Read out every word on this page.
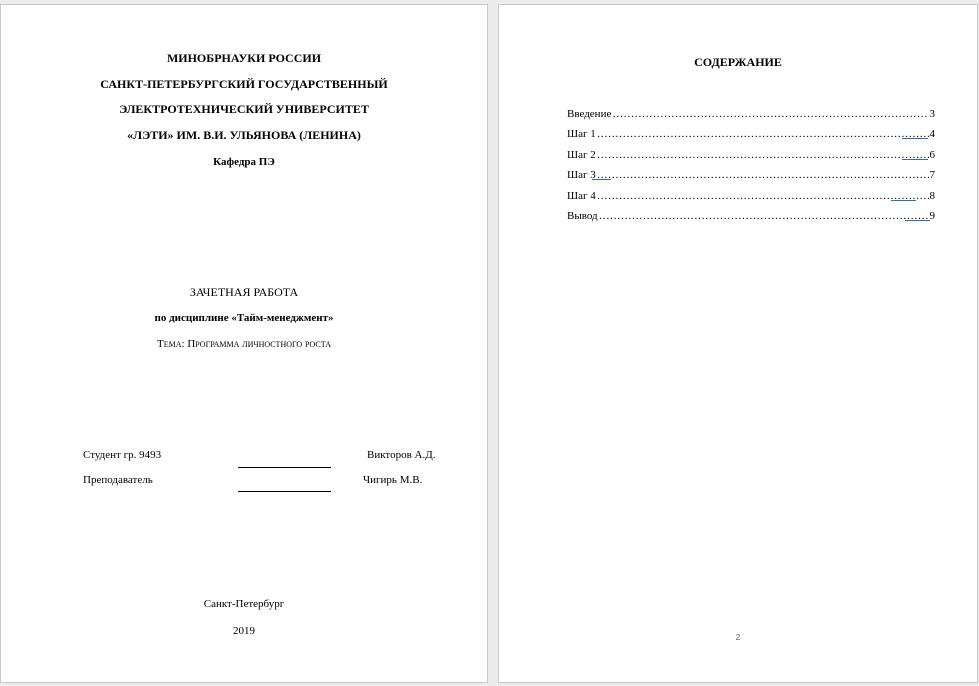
МИНОБРНАУКИ РОССИИ
САНКТ-ПЕТЕРБУРГСКИЙ ГОСУДАРСТВЕННЫЙ
ЭЛЕКТРОТЕХНИЧЕСКИЙ УНИВЕРСИТЕТ
«ЛЭТИ» ИМ. В.И. УЛЬЯНОВА (ЛЕНИНА)
Кафедра ПЭ
ЗАЧЕТНАЯ РАБОТА
по дисциплине «Тайм-менеджмент»
Тема: Программа личностного роста
Студент гр. 9493	Викторов А.Д.
Преподаватель	Чигирь М.В.
Санкт-Петербург
2019
СОДЕРЖАНИЕ
Введение ………………………………………………………………………………………………………………………………………………………………………………	3
Шаг 1 ………………………………………………………………………………………………………………………………………………………………………………	4
Шаг 2 ………………………………………………………………………………………………………………………………………………………………………………	6
Шаг 3 ………………………………………………………………………………………………………………………………………………………………………………	7
Шаг 4 ………………………………………………………………………………………………………………………………………………………………………………	8
Вывод ………………………………………………………………………………………………………………………………………………………………………………	9
2
